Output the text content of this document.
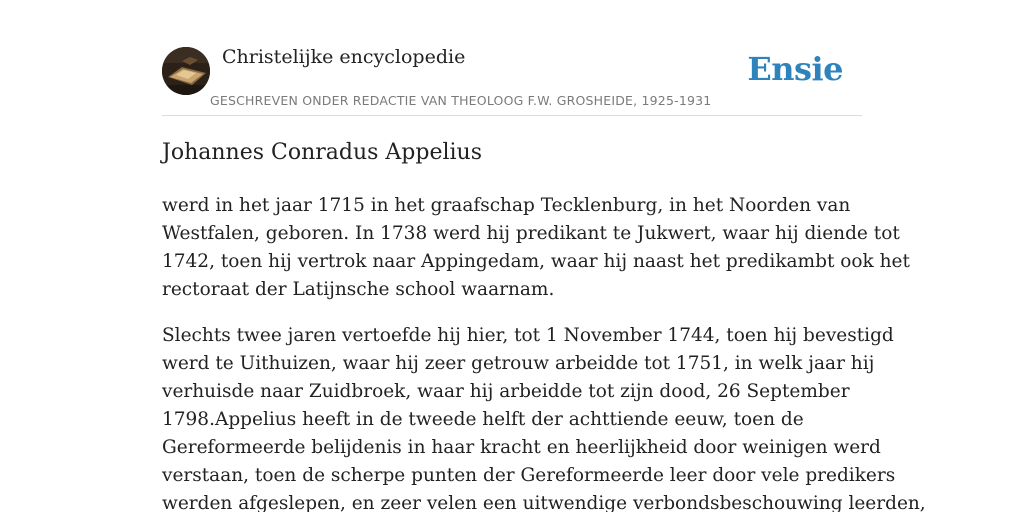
Christelijke encyclopedie
GESCHREVEN ONDER REDACTIE VAN THEOLOOG F.W. GROSHEIDE, 1925-1931
Ensie
Johannes Conradus Appelius

werd in het jaar 1715 in het graafschap Tecklenburg, in het Noorden van
Westfalen, geboren. In 1738 werd hij predikant te Jukwert, waar hij diende tot
1742, toen hij vertrok naar Appingedam, waar hij naast het predikambt ook het
rectoraat der Latijnsche school waarnam.

Slechts twee jaren vertoefde hij hier, tot 1 November 1744, toen hij bevestigd
werd te Uithuizen, waar hij zeer getrouw arbeidde tot 1751, in welk jaar hij
verhuisde naar Zuidbroek, waar hij arbeidde tot zijn dood, 26 September
1798.Appelius heeft in de tweede helft der achttiende eeuw, toen de
Gereformeerde belijdenis in haar kracht en heerlijkheid door weinigen werd
verstaan, toen de scherpe punten der Gereformeerde leer door vele predikers
werden afgeslepen, en zeer velen een uitwendige verbondsbeschouwing leerden,
